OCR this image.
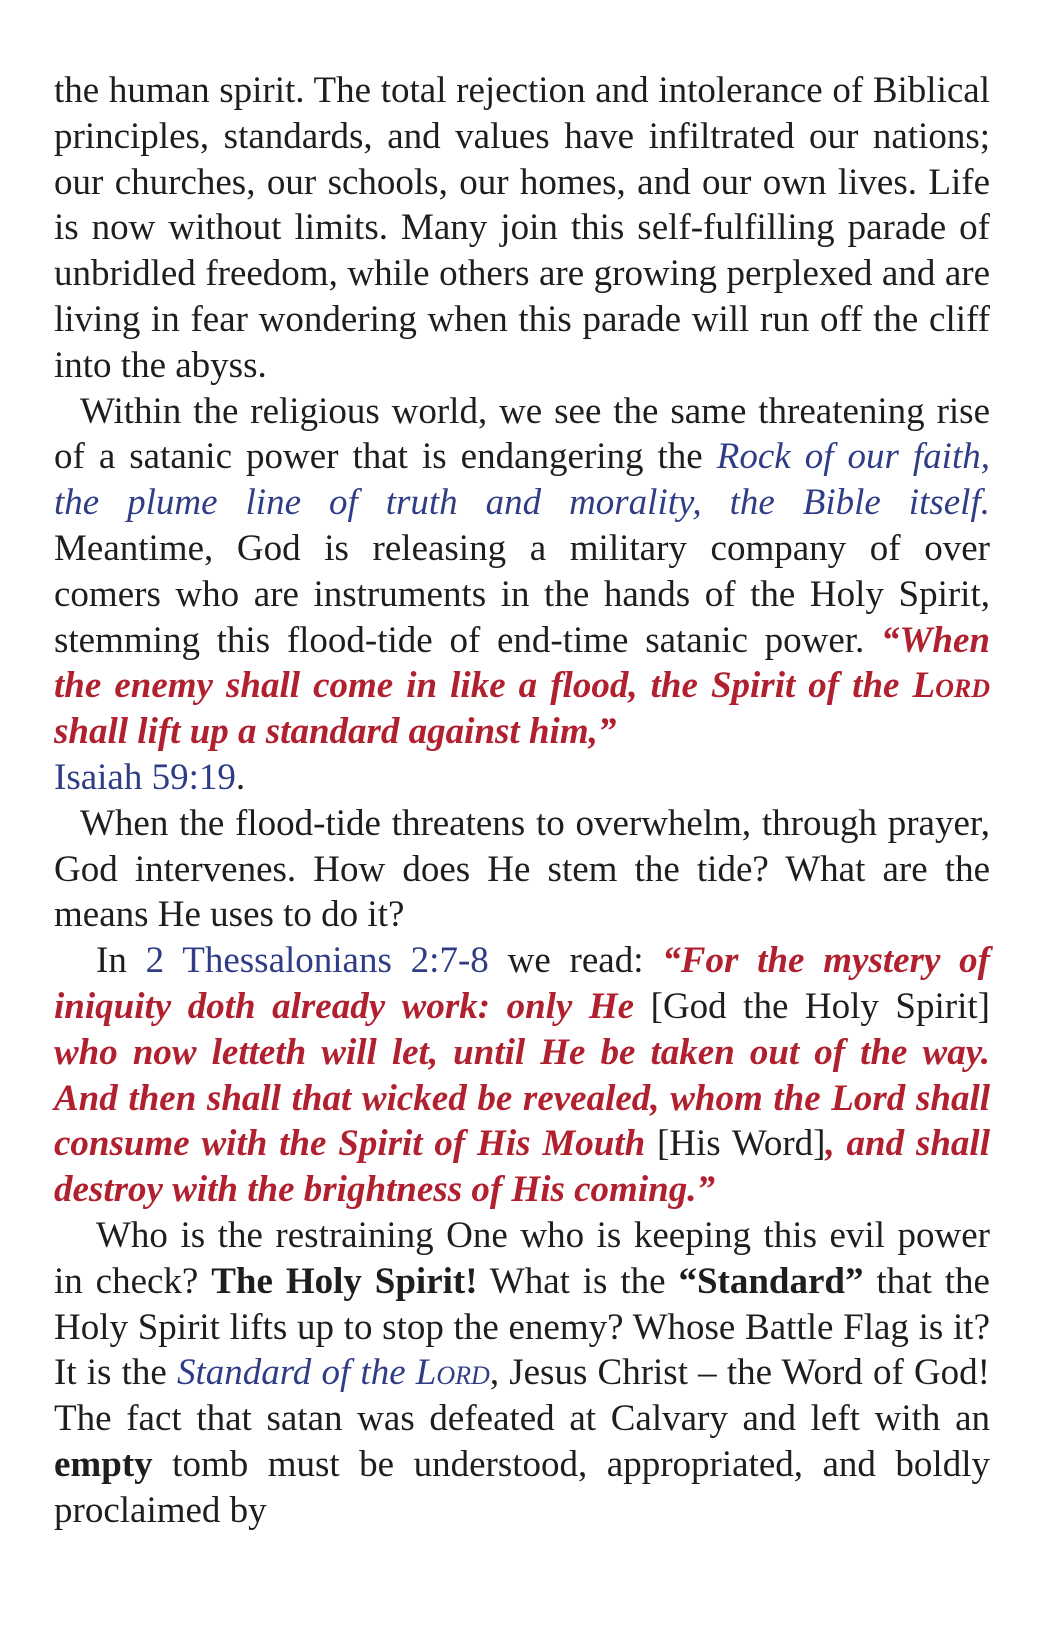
the human spirit. The total rejection and intolerance of Biblical principles, standards, and values have infiltrated our nations; our churches, our schools, our homes, and our own lives. Life is now without limits. Many join this self-fulfilling parade of unbridled freedom, while others are growing perplexed and are living in fear wondering when this parade will run off the cliff into the abyss.

Within the religious world, we see the same threatening rise of a satanic power that is endangering the Rock of our faith, the plume line of truth and morality, the Bible itself. Meantime, God is releasing a military company of over comers who are instruments in the hands of the Holy Spirit, stemming this flood-tide of end-time satanic power. “When the enemy shall come in like a flood, the Spirit of the Lord shall lift up a standard against him,”
Isaiah 59:19.

When the flood-tide threatens to overwhelm, through prayer, God intervenes. How does He stem the tide? What are the means He uses to do it?

In 2 Thessalonians 2:7-8 we read: “For the mystery of iniquity doth already work: only He [God the Holy Spirit] who now letteth will let, until He be taken out of the way. And then shall that wicked be revealed, whom the Lord shall consume with the Spirit of His Mouth [His Word], and shall destroy with the brightness of His coming.”

Who is the restraining One who is keeping this evil power in check? The Holy Spirit! What is the “Standard” that the Holy Spirit lifts up to stop the enemy? Whose Battle Flag is it? It is the Standard of the Lord, Jesus Christ – the Word of God! The fact that satan was defeated at Calvary and left with an empty tomb must be understood, appropriated, and boldly proclaimed by
